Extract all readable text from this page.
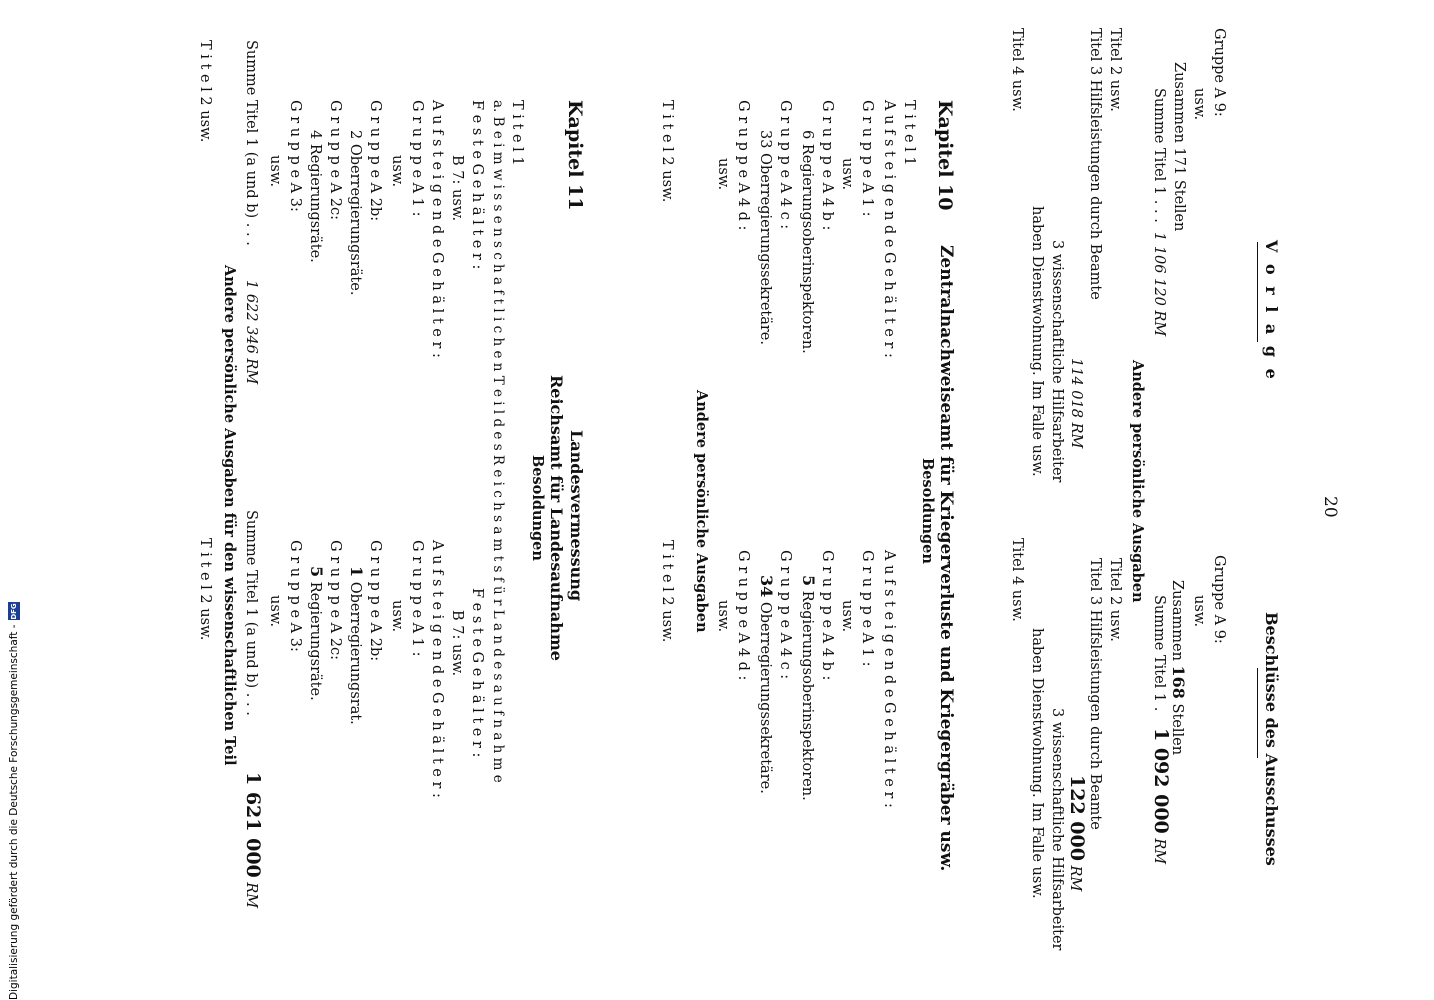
20
V o r l a g e
Gruppe A 9:
usw.
Zusammen 171 Stellen
Summe Titel 1 . . .
1 106 120 RM
Andere persönliche Ausgaben
Titel 2 usw.
Titel 3 Hilfsleistungen durch Beamte
114 018 RM
3 wissenschaftliche Hilfsarbeiter
haben Dienstwohnung. Im Falle usw.
Titel 4 usw.
Kapitel 10
Zentralnachweiseamt für Kriegerverluste und Kriegergräber usw.
Besoldungen
T i t e l 1
A u f s t e i g e n d e G e h ä l t e r :
G r u p p e A 1 :
usw.
G r u p p e A 4 b :
6 Regierungsoberinspektoren.
G r u p p e A 4 c :
33 Oberregierungssekretäre.
G r u p p e A 4 d :
usw.
Andere persönliche Ausgaben
T i t e l 2 usw.
Kapitel 11
Landesvermessung
Reichsamt für Landesaufnahme
Besoldungen
T i t e l 1
a. B e i m w i s s e n s c h a f t l i c h e n T e i l d e s R e i c h s a m t s f ü r L a n d e s a u f n a h m e
F e s t e G e h ä l t e r :
B 7: usw.
A u f s t e i g e n d e G e h ä l t e r :
G r u p p e A 1 :
usw.
G r u p p e A 2b:
2 Oberregierungsräte.
G r u p p e A 2c:
4 Regierungsräte.
G r u p p e A 3:
usw.
Summe Titel 1 (a und b) . . .
1 622 346 RM
Andere persönliche Ausgaben für den wissenschaftlichen Teil
T i t e l 2 usw.
Beschlüsse des Ausschusses
Gruppe A 9:
usw.
Zusammen 168 Stellen
Summe Titel 1 .
1 092 000 RM
Titel 2 usw.
Titel 3 Hilfsleistungen durch Beamte
122 000 RM
3 wissenschaftliche Hilfsarbeiter
haben Dienstwohnung. Im Falle usw.
Titel 4 usw.
A u f s t e i g e n d e G e h ä l t e r :
G r u p p e A 1 :
usw.
G r u p p e A 4 b :
5 Regierungsoberinspektoren.
G r u p p e A 4 c :
34 Oberregierungssekretäre.
G r u p p e A 4 d :
usw.
T i t e l 2 usw.
F e s t e G e h ä l t e r :
B 7: usw.
A u f s t e i g e n d e G e h ä l t e r :
G r u p p e A 1 :
usw.
G r u p p e A 2b:
1 Oberregierungsrat.
G r u p p e A 2c:
5 Regierungsräte.
G r u p p e A 3:
usw.
Summe Titel 1 (a und b) . . .
1 621 000 RM
T i t e l 2 usw.
Digitalisierung gefördert durch die Deutsche Forschungsgemeinschaft -
DFG
